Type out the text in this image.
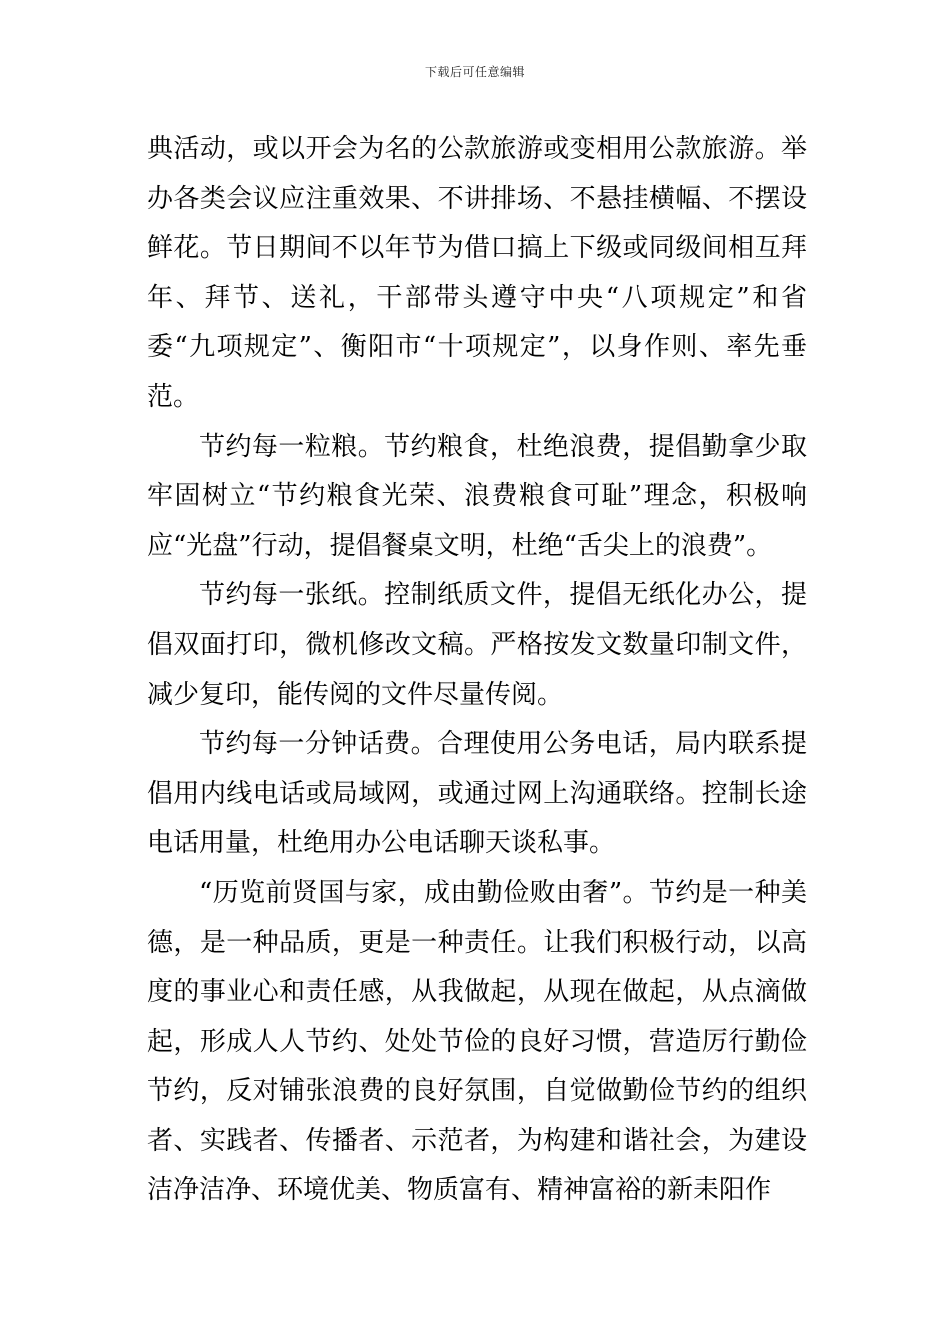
下载后可任意编辑

典活动，或以开会为名的公款旅游或变相用公款旅游。举办各类会议应注重效果、不讲排场、不悬挂横幅、不摆设鲜花。节日期间不以年节为借口搞上下级或同级间相互拜年、拜节、送礼，干部带头遵守中央“八项规定”和省委“九项规定”、衡阳市“十项规定”，以身作则、率先垂范。

节约每一粒粮。节约粮食，杜绝浪费，提倡勤拿少取牢固树立“节约粮食光荣、浪费粮食可耻”理念，积极响应“光盘”行动，提倡餐桌文明，杜绝“舌尖上的浪费”。

节约每一张纸。控制纸质文件，提倡无纸化办公，提倡双面打印，微机修改文稿。严格按发文数量印制文件，减少复印，能传阅的文件尽量传阅。

节约每一分钟话费。合理使用公务电话，局内联系提倡用内线电话或局域网，或通过网上沟通联络。控制长途电话用量，杜绝用办公电话聊天谈私事。

“历览前贤国与家，成由勤俭败由奢”。节约是一种美德，是一种品质，更是一种责任。让我们积极行动，以高度的事业心和责任感，从我做起，从现在做起，从点滴做起，形成人人节约、处处节俭的良好习惯，营造厉行勤俭节约，反对铺张浪费的良好氛围，自觉做勤俭节约的组织者、实践者、传播者、示范者，为构建和谐社会，为建设洁净洁净、环境优美、物质富有、精神富裕的新耒阳作
